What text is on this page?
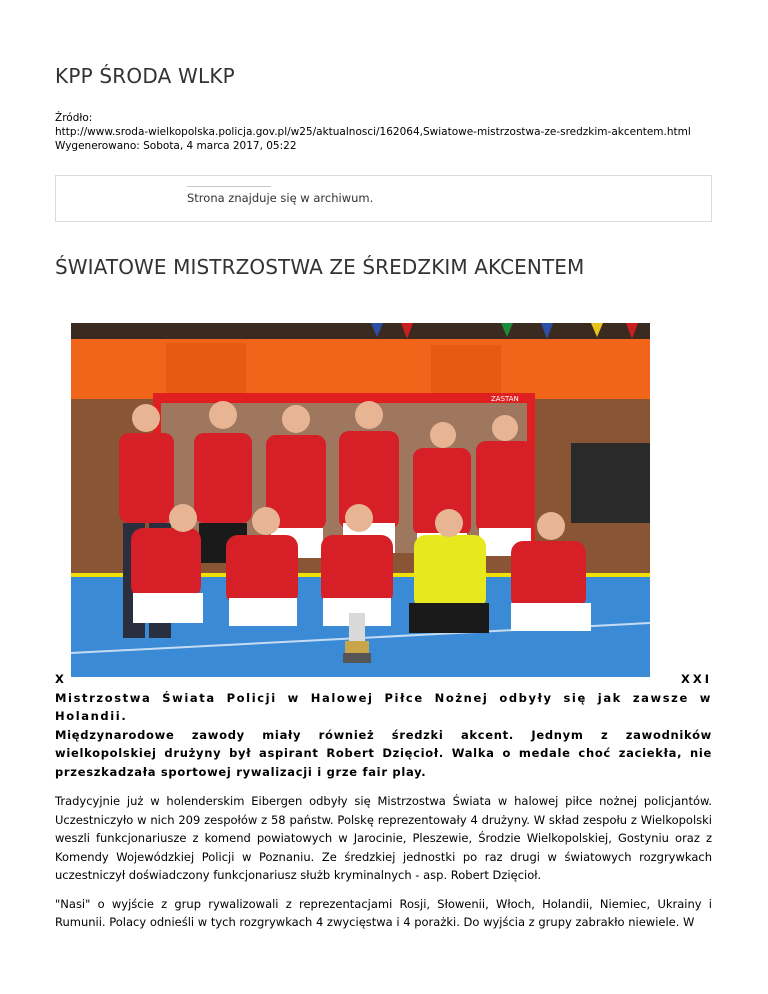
KPP ŚRODA WLKP
Źródło:
http://www.sroda-wielkopolska.policja.gov.pl/w25/aktualnosci/162064,Swiatowe-mistrzostwa-ze-sredzkim-akcentem.html
Wygenerowano: Sobota, 4 marca 2017, 05:22
Strona znajduje się w archiwum.
ŚWIATOWE MISTRZOSTWA ZE ŚREDZKIM AKCENTEM
ZASTAN
X	XXI
Mistrzostwa Świata Policji w Halowej Piłce Nożnej odbyły się jak zawsze w Holandii.
Międzynarodowe zawody miały również średzki akcent. Jednym z zawodników wielkopolskiej drużyny był aspirant Robert Dzięcioł. Walka o medale choć zaciekła, nie przeszkadzała sportowej rywalizacji i grze fair play.

Tradycyjnie już w holenderskim Eibergen odbyły się Mistrzostwa Świata w halowej piłce nożnej policjantów. Uczestniczyło w nich 209 zespołów z 58 państw. Polskę reprezentowały 4 drużyny. W skład zespołu z Wielkopolski weszli funkcjonariusze z komend powiatowych w Jarocinie, Pleszewie, Środzie Wielkopolskiej, Gostyniu oraz z Komendy Wojewódzkiej Policji w Poznaniu. Ze średzkiej jednostki po raz drugi w światowych rozgrywkach uczestniczył doświadczony funkcjonariusz służb kryminalnych - asp. Robert Dzięcioł.

"Nasi" o wyjście z grup rywalizowali z reprezentacjami Rosji, Słowenii, Włoch, Holandii, Niemiec, Ukrainy i Rumunii. Polacy odnieśli w tych rozgrywkach 4 zwycięstwa i 4 porażki. Do wyjścia z grupy zabrakło niewiele. W
